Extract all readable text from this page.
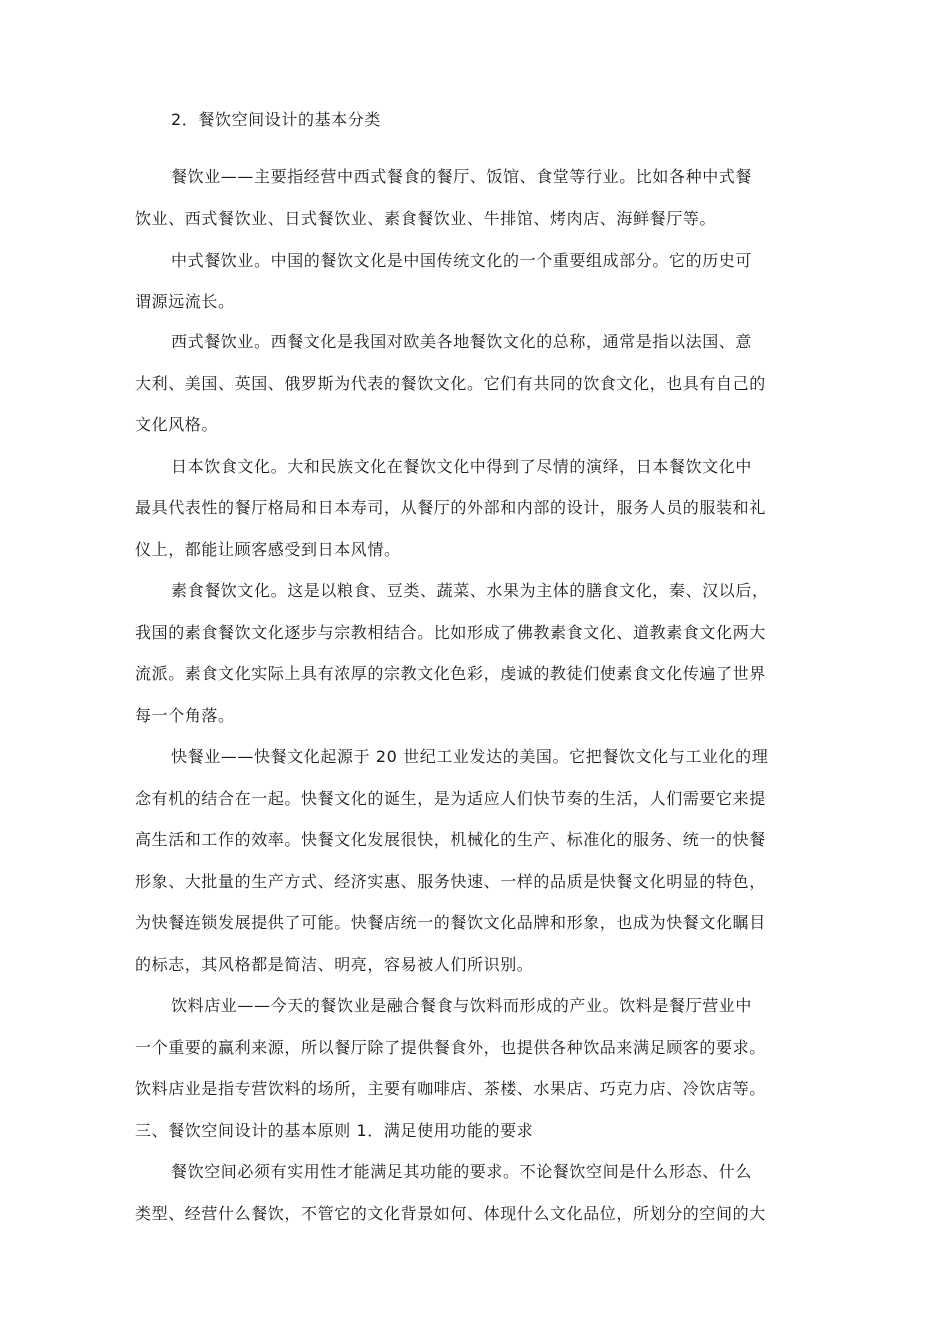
2．餐饮空间设计的基本分类
餐饮业——主要指经营中西式餐食的餐厅、饭馆、食堂等行业。比如各种中式餐
饮业、西式餐饮业、日式餐饮业、素食餐饮业、牛排馆、烤肉店、海鲜餐厅等。
中式餐饮业。中国的餐饮文化是中国传统文化的一个重要组成部分。它的历史可
谓源远流长。
西式餐饮业。西餐文化是我国对欧美各地餐饮文化的总称，通常是指以法国、意
大利、美国、英国、俄罗斯为代表的餐饮文化。它们有共同的饮食文化，也具有自己的
文化风格。
日本饮食文化。大和民族文化在餐饮文化中得到了尽情的演绎，日本餐饮文化中
最具代表性的餐厅格局和日本寿司，从餐厅的外部和内部的设计，服务人员的服装和礼
仪上，都能让顾客感受到日本风情。
素食餐饮文化。这是以粮食、豆类、蔬菜、水果为主体的膳食文化，秦、汉以后，
我国的素食餐饮文化逐步与宗教相结合。比如形成了佛教素食文化、道教素食文化两大
流派。素食文化实际上具有浓厚的宗教文化色彩，虔诚的教徒们使素食文化传遍了世界
每一个角落。
快餐业——快餐文化起源于 20 世纪工业发达的美国。它把餐饮文化与工业化的理
念有机的结合在一起。快餐文化的诞生，是为适应人们快节奏的生活，人们需要它来提
高生活和工作的效率。快餐文化发展很快，机械化的生产、标准化的服务、统一的快餐
形象、大批量的生产方式、经济实惠、服务快速、一样的品质是快餐文化明显的特色，
为快餐连锁发展提供了可能。快餐店统一的餐饮文化品牌和形象，也成为快餐文化瞩目
的标志，其风格都是简洁、明亮，容易被人们所识别。
饮料店业——今天的餐饮业是融合餐食与饮料而形成的产业。饮料是餐厅营业中
一个重要的赢利来源，所以餐厅除了提供餐食外，也提供各种饮品来满足顾客的要求。
饮料店业是指专营饮料的场所，主要有咖啡店、茶楼、水果店、巧克力店、冷饮店等。
三、餐饮空间设计的基本原则 1．满足使用功能的要求
餐饮空间必须有实用性才能满足其功能的要求。不论餐饮空间是什么形态、什么
类型、经营什么餐饮，不管它的文化背景如何、体现什么文化品位，所划分的空间的大
